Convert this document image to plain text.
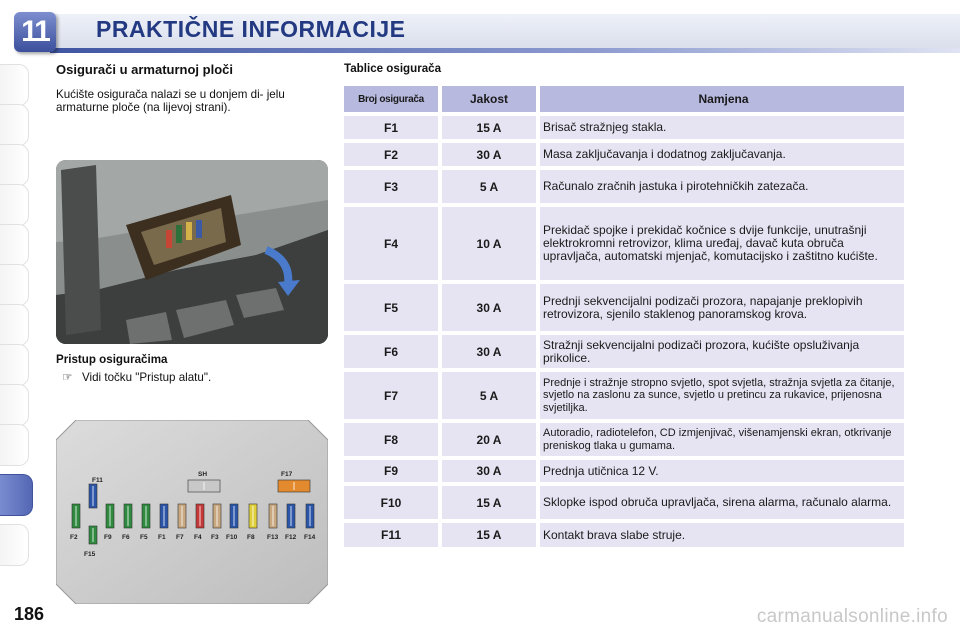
11	PRAKTIČNE INFORMACIJE
186
Osigurači u armaturnoj ploči
Kućište osigurača nalazi se u donjem di- jelu armaturne ploče (na lijevoj strani).
Pristup osiguračima
☞ Vidi točku "Pristup alatu".
F11
SH	F17
F2	F9 F6 F5 F1 F7 F4 F3 F10 F8 F13 F12 F14
F15
Tablice osigurača
Broj osigurača	Jakost	Namjena
F1	15 A	Brisač stražnjeg stakla.
F2	30 A	Masa zaključavanja i dodatnog zaključavanja.
F3	5 A	Računalo zračnih jastuka i pirotehničkih zatezača.
F4	10 A
Prekidač spojke i prekidač kočnice s dvije funkcije, unutrašnji elektrokromni retrovizor, klima uređaj, davač kuta obruča upravljača, automatski mjenjač, komutacijsko i zaštitno kućište.
F5	30 A	Prednji sekvencijalni podizači prozora, napajanje preklopivih retrovizora, sjenilo staklenog panoramskog krova.
F6	30 A	Stražnji sekvencijalni podizači prozora, kućište opsluživanja prikolice.
F7	5 A
Prednje i stražnje stropno svjetlo, spot svjetla, stražnja svjetla za čitanje, svjetlo na zaslonu za sunce, svjetlo u pretincu za rukavice, prijenosna svjetiljka.
F8	20 A	Autoradio, radiotelefon, CD izmjenjivač, višenamjenski ekran, otkrivanje preniskog tlaka u gumama.
F9	30 A	Prednja utičnica 12 V.
F10	15 A	Sklopke ispod obruča upravljača, sirena alarma, računalo alarma.
F11	15 A	Kontakt brava slabe struje.
carmanualsonline.info
